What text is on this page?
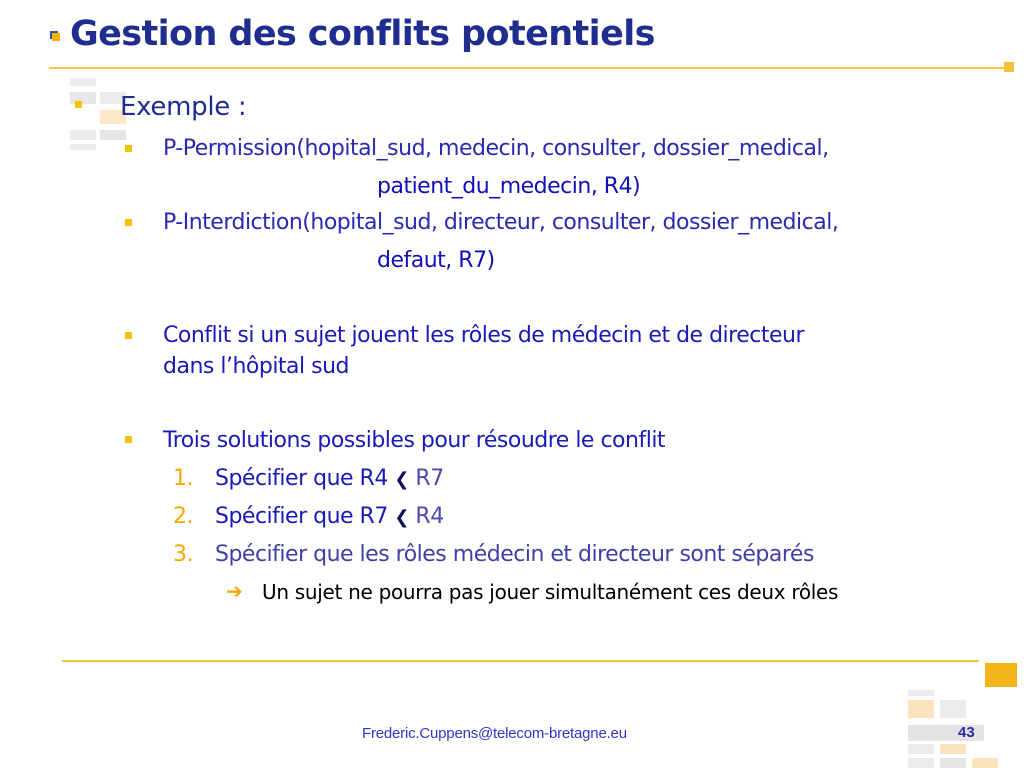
Gestion des conflits potentiels
Exemple :
P-Permission(hopital_sud, medecin, consulter, dossier_medical,
patient_du_medecin, R4)
P-Interdiction(hopital_sud, directeur, consulter, dossier_medical,
defaut, R7)
Conflit si un sujet jouent les rôles de médecin et de directeur
dans l’hôpital sud
Trois solutions possibles pour résoudre le conflit
1. Spécifier que R4 ❮ R7
2. Spécifier que R7 ❮ R4
3. Spécifier que les rôles médecin et directeur sont séparés
➔ Un sujet ne pourra pas jouer simultanément ces deux rôles
Frederic.Cuppens@telecom-bretagne.eu	43
